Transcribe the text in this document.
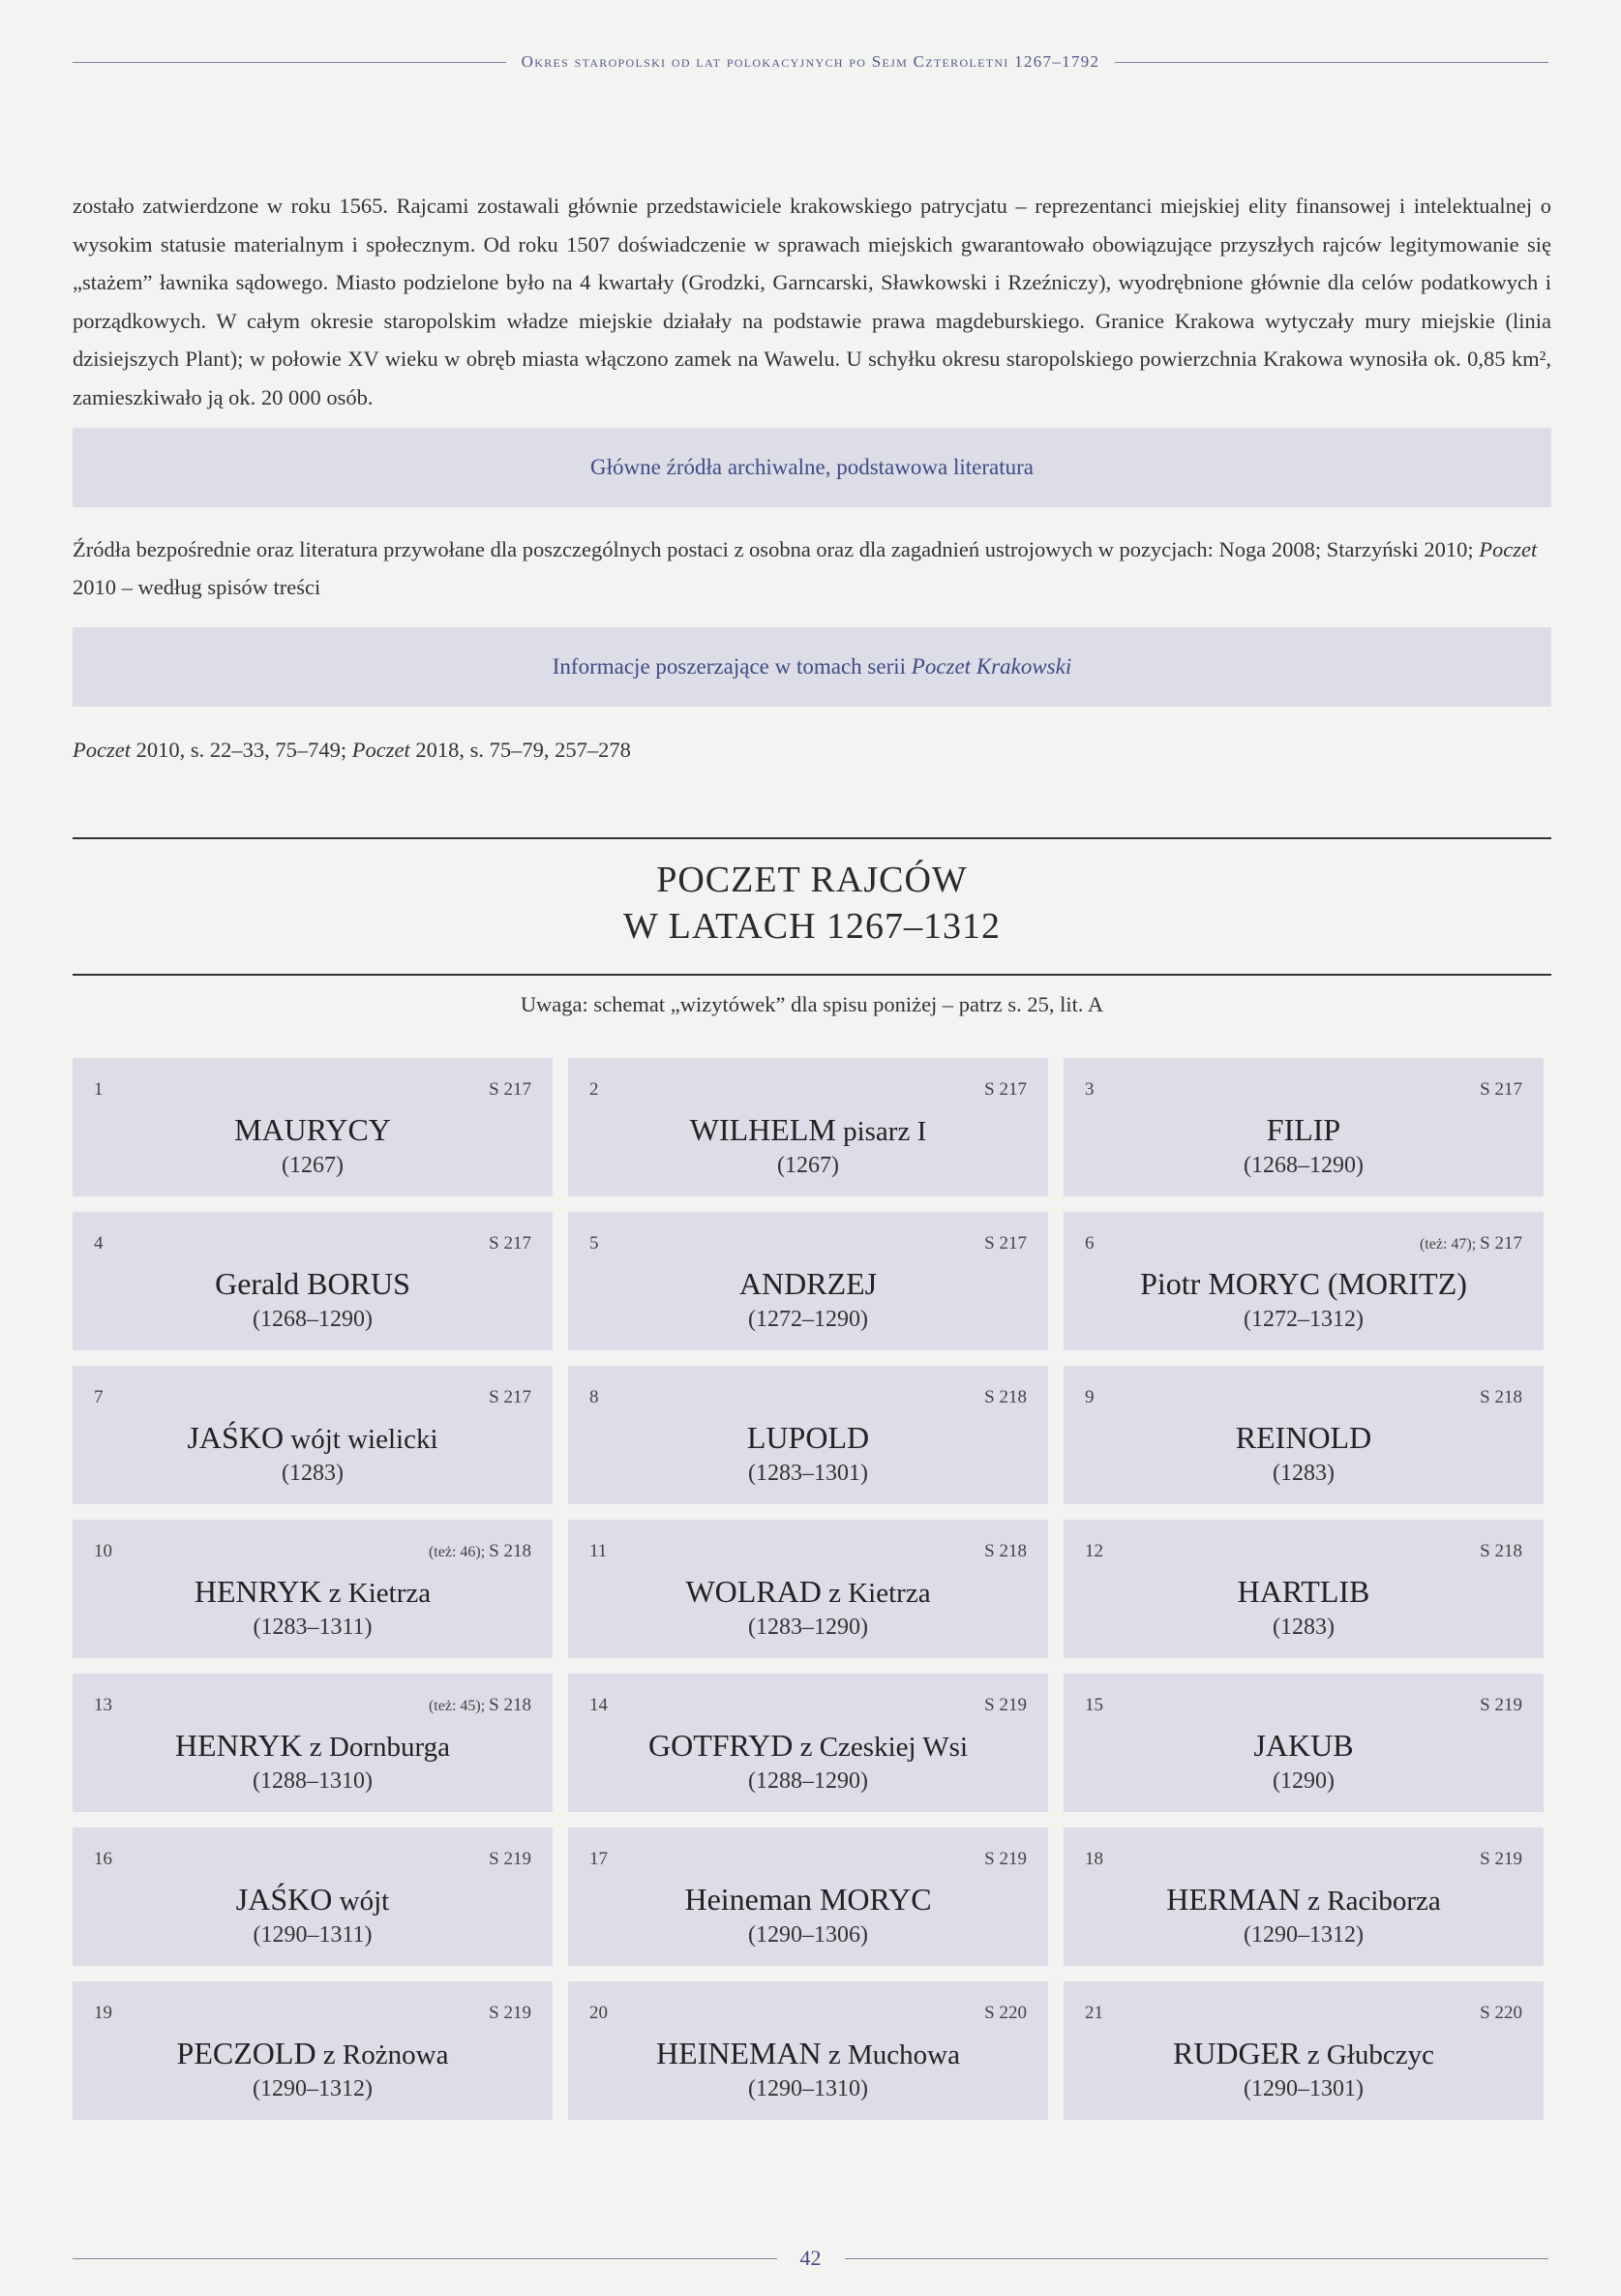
Okres staropolski od lat polokacyjnych po Sejm Czteroletni 1267–1792
zostało zatwierdzone w roku 1565. Rajcami zostawali głównie przedstawiciele krakowskiego patrycjatu – reprezentanci miejskiej elity finansowej i intelektualnej o wysokim statusie materialnym i społecznym. Od roku 1507 doświadczenie w sprawach miejskich gwarantowało obowiązujące przyszłych rajców legitymowanie się „stażem” ławnika sądowego. Miasto podzielone było na 4 kwartały (Grodzki, Garncarski, Sławkowski i Rzeźniczy), wyodrębnione głównie dla celów podatkowych i porządkowych. W całym okresie staropolskim władze miejskie działały na podstawie prawa magdeburskiego. Granice Krakowa wytyczały mury miejskie (linia dzisiejszych Plant); w połowie XV wieku w obręb miasta włączono zamek na Wawelu. U schyłku okresu staropolskiego powierzchnia Krakowa wynosiła ok. 0,85 km², zamieszkiwało ją ok. 20 000 osób.
Główne źródła archiwalne, podstawowa literatura
Źródła bezpośrednie oraz literatura przywołane dla poszczególnych postaci z osobna oraz dla zagadnień ustrojowych w pozycjach: Noga 2008; Starzyński 2010; Poczet 2010 – według spisów treści
Informacje poszerzające w tomach serii Poczet Krakowski
Poczet 2010, s. 22–33, 75–749; Poczet 2018, s. 75–79, 257–278
POCZET RAJCÓW
W LATACH 1267–1312
Uwaga: schemat „wizytówek” dla spisu poniżej – patrz s. 25, lit. A
1	S 217
MAURYCY
(1267)
2	S 217
WILHELM pisarz I
(1267)
3	S 217
FILIP
(1268–1290)
4	S 217
Gerald BORUS
(1268–1290)
5	S 217
ANDRZEJ
(1272–1290)
6	(też: 47); S 217
Piotr MORYC (MORITZ)
(1272–1312)
7	S 217
JAŚKO wójt wielicki
(1283)
8	S 218
LUPOLD
(1283–1301)
9	S 218
REINOLD
(1283)
10	(też: 46); S 218
HENRYK z Kietrza
(1283–1311)
11	S 218
WOLRAD z Kietrza
(1283–1290)
12	S 218
HARTLIB
(1283)
13	(też: 45); S 218
HENRYK z Dornburga
(1288–1310)
14	S 219
GOTFRYD z Czeskiej Wsi
(1288–1290)
15	S 219
JAKUB
(1290)
16	S 219
JAŚKO wójt
(1290–1311)
17	S 219
Heineman MORYC
(1290–1306)
18	S 219
HERMAN z Raciborza
(1290–1312)
19	S 219
PECZOLD z Rożnowa
(1290–1312)
20	S 220
HEINEMAN z Muchowa
(1290–1310)
21	S 220
RUDGER z Głubczyc
(1290–1301)
42
